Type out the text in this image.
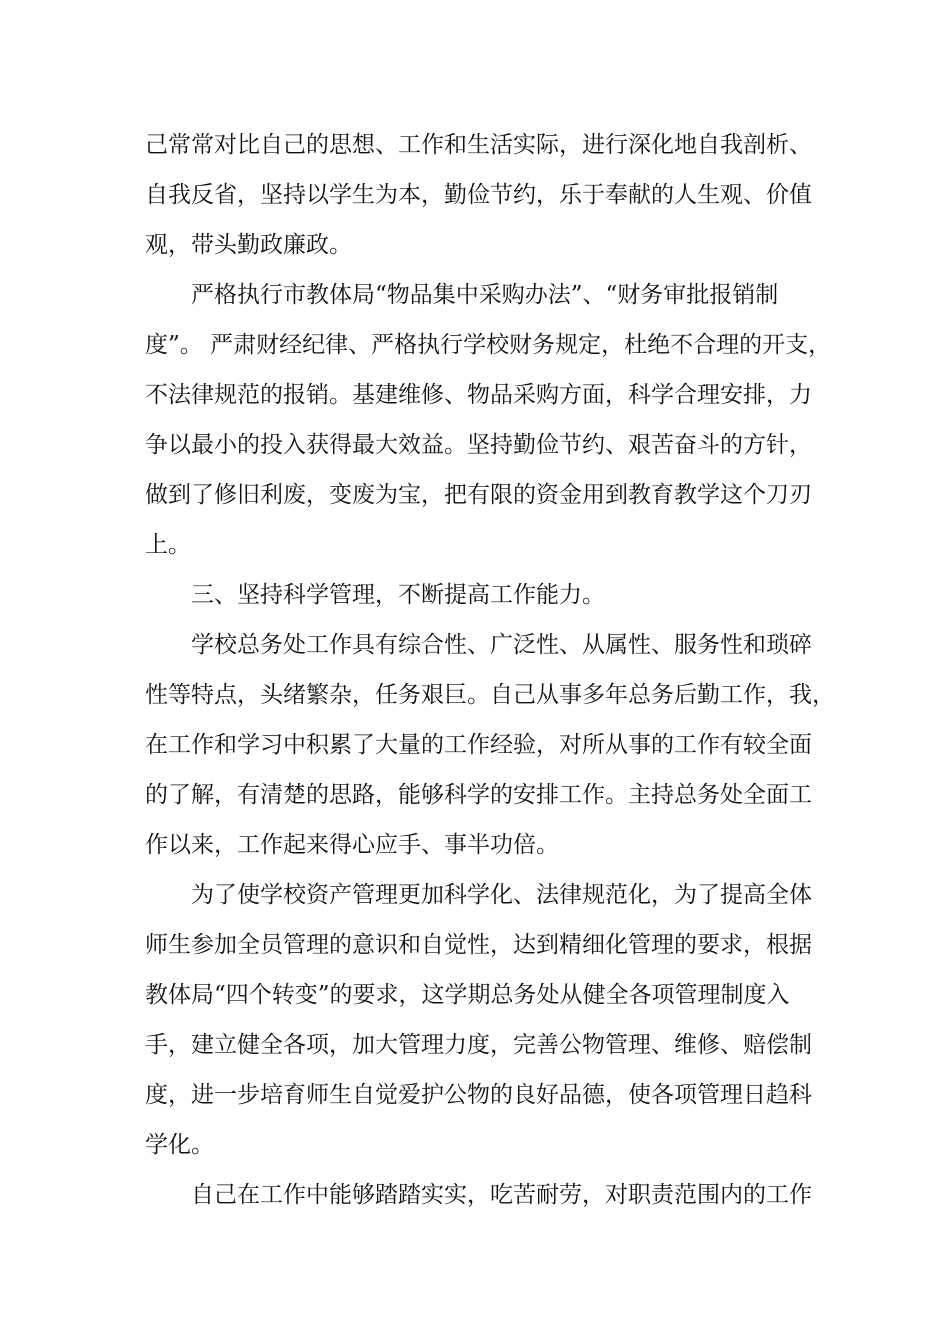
己常常对比自己的思想、工作和生活实际，进行深化地自我剖析、
自我反省，坚持以学生为本，勤俭节约，乐于奉献的人生观、价值
观，带头勤政廉政。
严格执行市教体局“物品集中采购办法”、“财务审批报销制
度”。 严肃财经纪律、严格执行学校财务规定，杜绝不合理的开支，
不法律规范的报销。基建维修、物品采购方面，科学合理安排，力
争以最小的投入获得最大效益。坚持勤俭节约、艰苦奋斗的方针，
做到了修旧利废，变废为宝，把有限的资金用到教育教学这个刀刃
上。
三、坚持科学管理，不断提高工作能力。
学校总务处工作具有综合性、广泛性、从属性、服务性和琐碎
性等特点，头绪繁杂，任务艰巨。自己从事多年总务后勤工作，我，
在工作和学习中积累了大量的工作经验，对所从事的工作有较全面
的了解，有清楚的思路，能够科学的安排工作。主持总务处全面工
作以来，工作起来得心应手、事半功倍。
为了使学校资产管理更加科学化、法律规范化，为了提高全体
师生参加全员管理的意识和自觉性，达到精细化管理的要求，根据
教体局“四个转变”的要求，这学期总务处从健全各项管理制度入
手，建立健全各项，加大管理力度，完善公物管理、维修、赔偿制
度，进一步培育师生自觉爱护公物的良好品德，使各项管理日趋科
学化。
自己在工作中能够踏踏实实，吃苦耐劳，对职责范围内的工作
